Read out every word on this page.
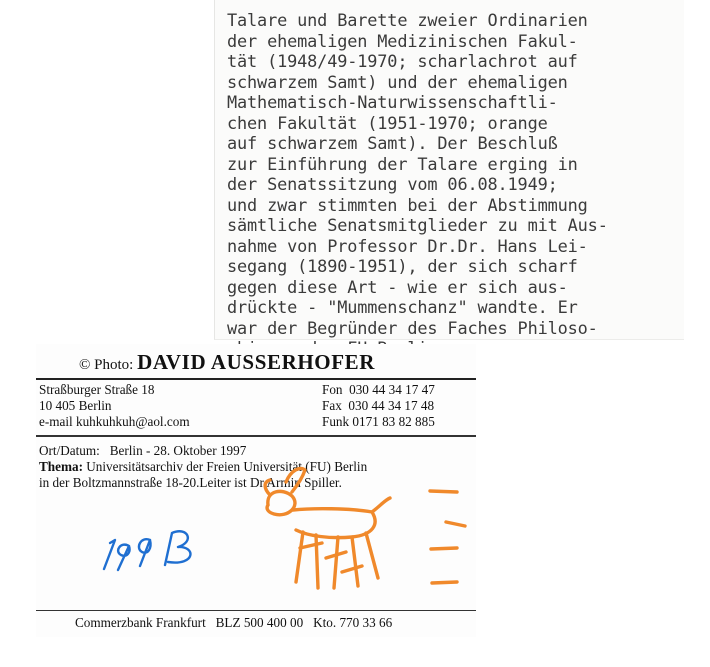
Talare und Barette zweier Ordinarien
der ehemaligen Medizinischen Fakul-
tät (1948/49-1970; scharlachrot auf
schwarzem Samt) und der ehemaligen
Mathematisch-Naturwissenschaftli-
chen Fakultät (1951-1970; orange
auf schwarzem Samt). Der Beschluß
zur Einführung der Talare erging in
der Senatssitzung vom 06.08.1949;
und zwar stimmten bei der Abstimmung
sämtliche Senatsmitglieder zu mit Aus-
nahme von Professor Dr.Dr. Hans Lei-
segang (1890-1951), der sich scharf
gegen diese Art - wie er sich aus-
drückte - "Mummenschanz" wandte. Er
war der Begründer des Faches Philoso-

© Photo: DAVID AUSSERHOFER
Straßburger Straße 18
10 405 Berlin
e-mail kuhkuhkuh@aol.com
Fon  030 44 34 17 47
Fax  030 44 34 17 48
Funk 0171 83 82 885
Ort/Datum: Berlin - 28. Oktober 1997
Thema: Universitätsarchiv der Freien Universität (FU) Berlin
in der Boltzmannstraße 18-20.Leiter ist Dr.Armin Spiller.
Commerzbank Frankfurt   BLZ 500 400 00   Kto. 770 33 66
